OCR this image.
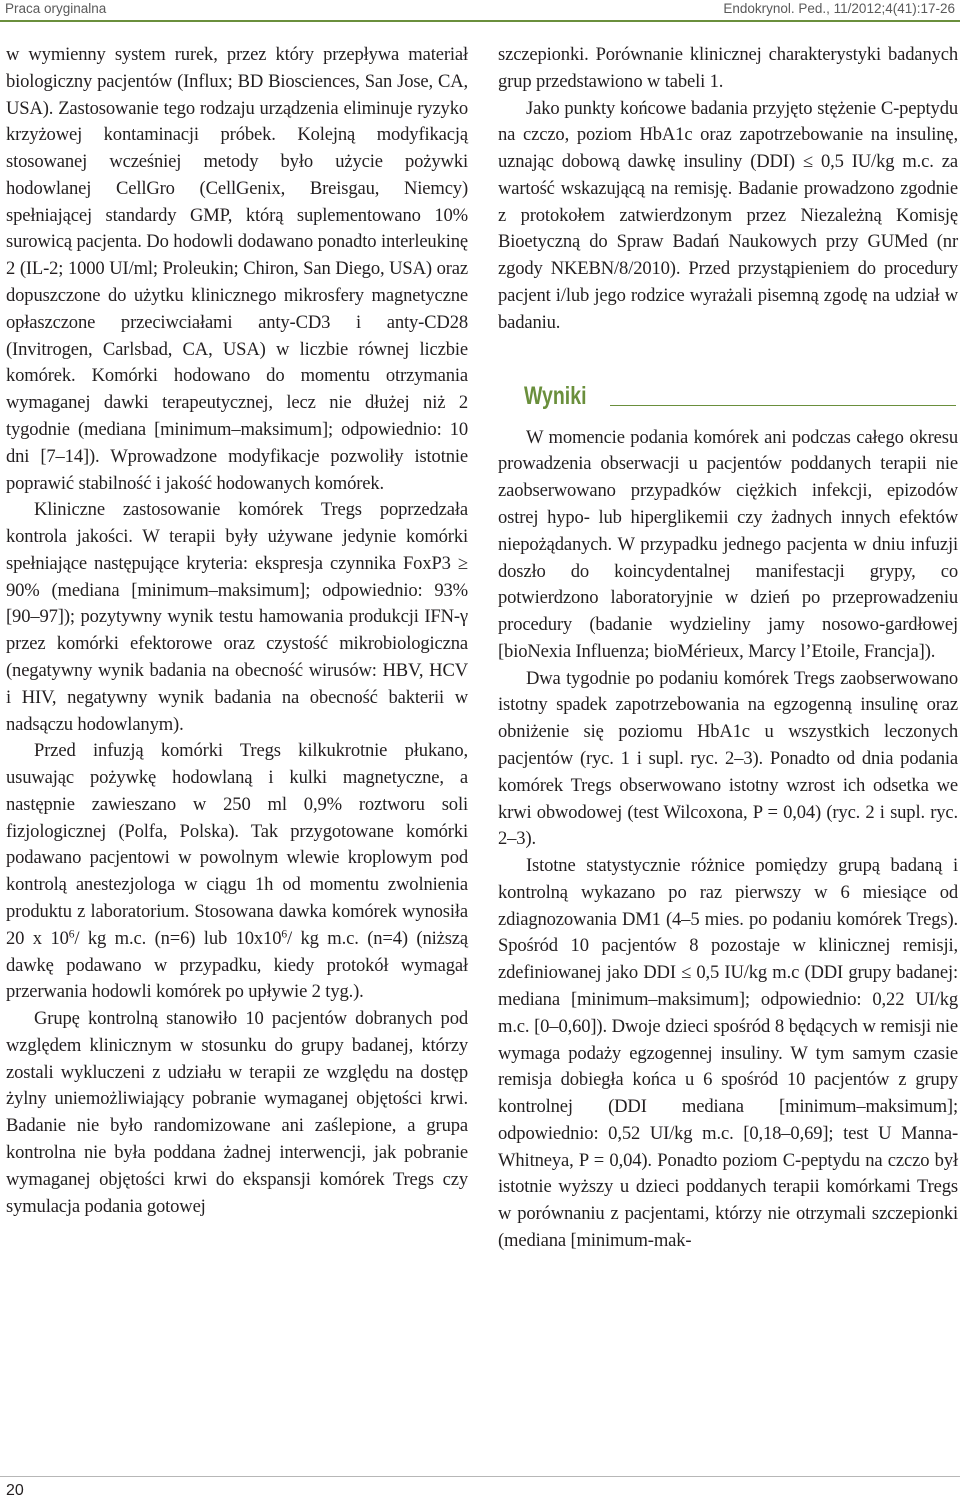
Praca oryginalna	Endokrynol. Ped., 11/2012;4(41):17-26

w wymienny system rurek, przez który przepływa materiał biologiczny pacjentów (Influx; BD Biosciences, San Jose, CA, USA). Zastosowanie tego rodzaju urządzenia eliminuje ryzyko krzyżowej kontaminacji próbek. Kolejną modyfikacją stosowanej wcześniej metody było użycie pożywki hodowlanej CellGro (CellGenix, Breisgau, Niemcy) spełniającej standardy GMP, którą suplementowano 10% surowicą pacjenta. Do hodowli dodawano ponadto interleukinę 2 (IL-2; 1000 UI/ml; Proleukin; Chiron, San Diego, USA) oraz dopuszczone do użytku klinicznego mikrosfery magnetyczne opłaszczone przeciwciałami anty-CD3 i anty-CD28 (Invitrogen, Carlsbad, CA, USA) w liczbie równej liczbie komórek. Komórki hodowano do momentu otrzymania wymaganej dawki terapeutycznej, lecz nie dłużej niż 2 tygodnie (mediana [minimum–maksimum]; odpowiednio: 10 dni [7–14]). Wprowadzone modyfikacje pozwoliły istotnie poprawić stabilność i jakość hodowanych komórek.

Kliniczne zastosowanie komórek Tregs poprzedzała kontrola jakości. W terapii były używane jedynie komórki spełniające następujące kryteria: ekspresja czynnika FoxP3 ≥ 90% (mediana [minimum–maksimum]; odpowiednio: 93% [90–97]); pozytywny wynik testu hamowania produkcji IFN-γ przez komórki efektorowe oraz czystość mikrobiologiczna (negatywny wynik badania na obecność wirusów: HBV, HCV i HIV, negatywny wynik badania na obecność bakterii w nadsączu hodowlanym).

Przed infuzją komórki Tregs kilkukrotnie płukano, usuwając pożywkę hodowlaną i kulki magnetyczne, a następnie zawieszano w 250 ml 0,9% roztworu soli fizjologicznej (Polfa, Polska). Tak przygotowane komórki podawano pacjentowi w powolnym wlewie kroplowym pod kontrolą anestezjologa w ciągu 1h od momentu zwolnienia produktu z laboratorium. Stosowana dawka komórek wynosiła 20 x $10^6/$ kg m.c. (n=6) lub $10x10^6/$ kg m.c. (n=4) (niższą dawkę podawano w przypadku, kiedy protokół wymagał przerwania hodowli komórek po upływie 2 tyg.).

Grupę kontrolną stanowiło 10 pacjentów dobranych pod względem klinicznym w stosunku do grupy badanej, którzy zostali wykluczeni z udziału w terapii ze względu na dostęp żylny uniemożliwiający pobranie wymaganej objętości krwi. Badanie nie było randomizowane ani zaślepione, a grupa kontrolna nie była poddana żadnej interwencji, jak pobranie wymaganej objętości krwi do ekspansji komórek Tregs czy symulacja podania gotowej

szczepionki. Porównanie klinicznej charakterystyki badanych grup przedstawiono w tabeli 1.

Jako punkty końcowe badania przyjęto stężenie C-peptydu na czczo, poziom HbA1c oraz zapotrzebowanie na insulinę, uznając dobową dawkę insuliny (DDI) ≤ 0,5 IU/kg m.c. za wartość wskazującą na remisję. Badanie prowadzono zgodnie z protokołem zatwierdzonym przez Niezależną Komisję Bioetyczną do Spraw Badań Naukowych przy GUMed (nr zgody NKEBN/8/2010). Przed przystąpieniem do procedury pacjent i/lub jego rodzice wyrażali pisemną zgodę na udział w badaniu.

Wyniki

W momencie podania komórek ani podczas całego okresu prowadzenia obserwacji u pacjentów poddanych terapii nie zaobserwowano przypadków ciężkich infekcji, epizodów ostrej hypo- lub hiperglikemii czy żadnych innych efektów niepożądanych. W przypadku jednego pacjenta w dniu infuzji doszło do koincydentalnej manifestacji grypy, co potwierdzono laboratoryjnie w dzień po przeprowadzeniu procedury (badanie wydzieliny jamy nosowo-gardłowej [bioNexia Influenza; bioMérieux, Marcy l’Etoile, Francja]).

Dwa tygodnie po podaniu komórek Tregs zaobserwowano istotny spadek zapotrzebowania na egzogenną insulinę oraz obniżenie się poziomu HbA1c u wszystkich leczonych pacjentów (ryc. 1 i supl. ryc. 2–3). Ponadto od dnia podania komórek Tregs obserwowano istotny wzrost ich odsetka we krwi obwodowej (test Wilcoxona, P = 0,04) (ryc. 2 i supl. ryc. 2–3).

Istotne statystycznie różnice pomiędzy grupą badaną i kontrolną wykazano po raz pierwszy w 6 miesiące od zdiagnozowania DM1 (4–5 mies. po podaniu komórek Tregs). Spośród 10 pacjentów 8 pozostaje w klinicznej remisji, zdefiniowanej jako DDI ≤ 0,5 IU/kg m.c (DDI grupy badanej: mediana [minimum–maksimum]; odpowiednio: 0,22 UI/kg m.c. [0–0,60]). Dwoje dzieci spośród 8 będących w remisji nie wymaga podaży egzogennej insuliny. W tym samym czasie remisja dobiegła końca u 6 spośród 10 pacjentów z grupy kontrolnej (DDI mediana [minimum–maksimum]; odpowiednio: 0,52 UI/kg m.c. [0,18–0,69]; test U Manna-Whitneya, P = 0,04). Ponadto poziom C-peptydu na czczo był istotnie wyższy u dzieci poddanych terapii komórkami Tregs w porównaniu z pacjentami, którzy nie otrzymali szczepionki (mediana [minimum-mak-

20
